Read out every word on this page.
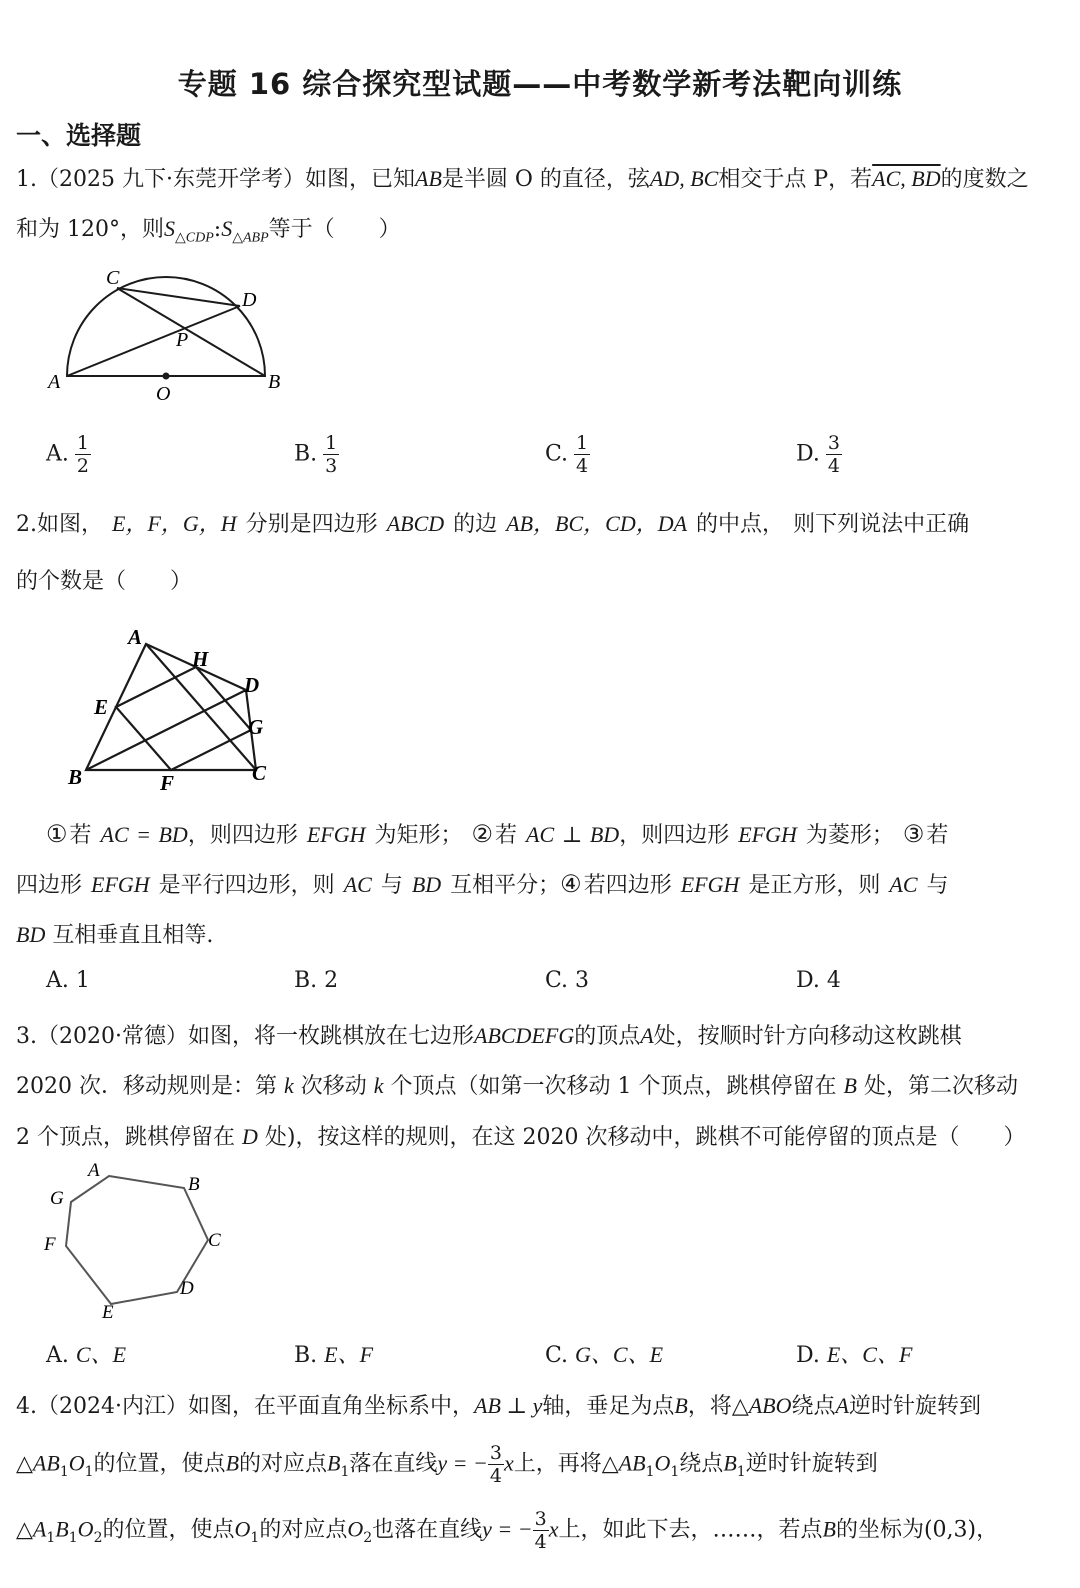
专题 16 综合探究型试题——中考数学新考法靶向训练
一、选择题
1.（2025 九下·东莞开学考）如图，已知AB是半圆 O 的直径，弦AD, BC相交于点 P，若AC, BD的度数之
和为 120°，则$S_{\triangle CDP}:S_{\triangle ABP}$等于（　　）
C
D
P
A
O
B
A. $\frac{1}{2}$	B. $\frac{1}{3}$	C. $\frac{1}{4}$	D. $\frac{3}{4}$
2.如图， E，F，G，H 分别是四边形 ABCD 的边 AB，BC，CD，DA 的中点， 则下列说法中正确
的个数是（　　）
A
H
D
E
G
B	F	C
①若 AC = BD，则四边形 EFGH 为矩形； ②若 AC ⊥ BD，则四边形 EFGH 为菱形； ③若
四边形 EFGH 是平行四边形，则 AC 与 BD 互相平分；④若四边形 EFGH 是正方形，则 AC 与
BD 互相垂直且相等.
A. 1	B. 2	C. 3	D. 4
3.（2020·常德）如图，将一枚跳棋放在七边形ABCDEFG的顶点A处，按顺时针方向移动这枚跳棋
2020 次．移动规则是：第 k 次移动 k 个顶点（如第一次移动 1 个顶点，跳棋停留在 B 处，第二次移动
2 个顶点，跳棋停留在 D 处)，按这样的规则，在这 2020 次移动中，跳棋不可能停留的顶点是（　　）
A
B
C
D
E
F
G
A. C、E	B. E、F	C. G、C、E	D. E、C、F
4.（2024·内江）如图，在平面直角坐标系中，AB ⊥ y轴，垂足为点B，将△ABO绕点A逆时针旋转到
$\triangle AB_1O_1$的位置，使点B的对应点$B_1$落在直线y = − $\frac{3}{4}$ x上，再将$\triangle AB_1O_1$绕点$B_1$逆时针旋转到
$\triangle A_1B_1O_2$的位置，使点$O_1$的对应点$O_2$也落在直线y = − $\frac{3}{4}$ x上，如此下去，……，若点B的坐标为(0,3)，
